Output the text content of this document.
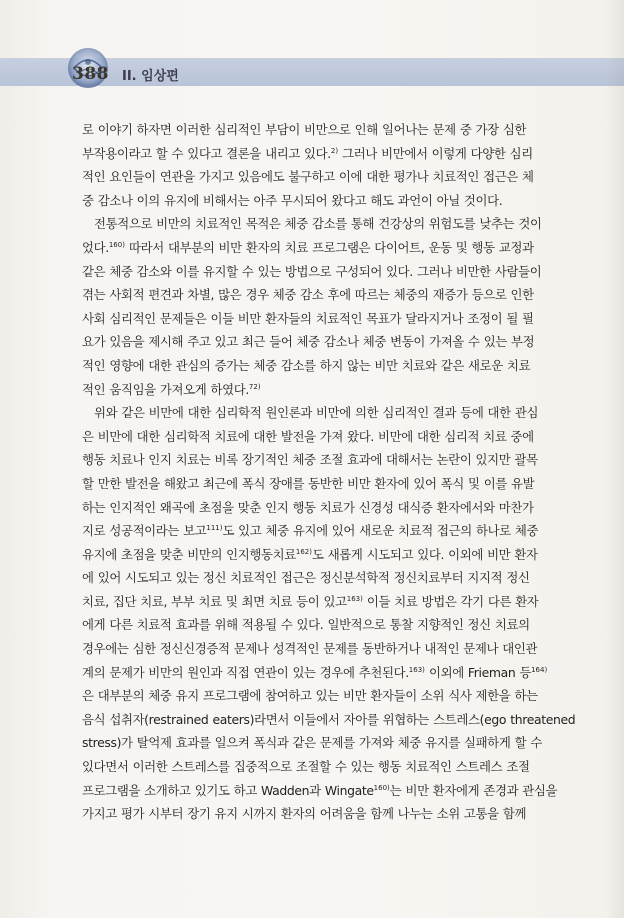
388 II. 임상편

로 이야기 하자면 이러한 심리적인 부담이 비만으로 인해 일어나는 문제 중 가장 심한
부작용이라고 할 수 있다고 결론을 내리고 있다.$^{2)}$ 그러나 비만에서 이렇게 다양한 심리
적인 요인들이 연관을 가지고 있음에도 불구하고 이에 대한 평가나 치료적인 접근은 체
중 감소나 이의 유지에 비해서는 아주 무시되어 왔다고 해도 과언이 아닐 것이다.

전통적으로 비만의 치료적인 목적은 체중 감소를 통해 건강상의 위험도를 낮추는 것이
었다.$^{160)}$ 따라서 대부분의 비만 환자의 치료 프로그램은 다이어트, 운동 및 행동 교정과
같은 체중 감소와 이를 유지할 수 있는 방법으로 구성되어 있다. 그러나 비만한 사람들이
겪는 사회적 편견과 차별, 많은 경우 체중 감소 후에 따르는 체중의 재증가 등으로 인한
사회 심리적인 문제들은 이들 비만 환자들의 치료적인 목표가 달라지거나 조정이 될 필
요가 있음을 제시해 주고 있고 최근 들어 체중 감소나 체중 변동이 가져올 수 있는 부정
적인 영향에 대한 관심의 증가는 체중 감소를 하지 않는 비만 치료와 같은 새로운 치료
적인 움직임을 가져오게 하였다.$^{72)}$

위와 같은 비만에 대한 심리학적 원인론과 비만에 의한 심리적인 결과 등에 대한 관심
은 비만에 대한 심리학적 치료에 대한 발전을 가져 왔다. 비만에 대한 심리적 치료 중에
행동 치료나 인지 치료는 비록 장기적인 체중 조절 효과에 대해서는 논란이 있지만 괄목
할 만한 발전을 해왔고 최근에 폭식 장애를 동반한 비만 환자에 있어 폭식 및 이를 유발
하는 인지적인 왜곡에 초점을 맞춘 인지 행동 치료가 신경성 대식증 환자에서와 마찬가
지로 성공적이라는 보고$^{111)}$도 있고 체중 유지에 있어 새로운 치료적 접근의 하나로 체중
유지에 초점을 맞춘 비만의 인지행동치료$^{162)}$도 새롭게 시도되고 있다. 이외에 비만 환자
에 있어 시도되고 있는 정신 치료적인 접근은 정신분석학적 정신치료부터 지지적 정신
치료, 집단 치료, 부부 치료 및 최면 치료 등이 있고$^{163)}$ 이들 치료 방법은 각기 다른 환자
에게 다른 치료적 효과를 위해 적용될 수 있다. 일반적으로 통찰 지향적인 정신 치료의
경우에는 심한 정신신경증적 문제나 성격적인 문제를 동반하거나 내적인 문제나 대인관
계의 문제가 비만의 원인과 직접 연관이 있는 경우에 추천된다.$^{163)}$ 이외에 Frieman 등$^{164)}$
은 대부분의 체중 유지 프로그램에 참여하고 있는 비만 환자들이 소위 식사 제한을 하는
음식 섭취자(restrained eaters)라면서 이들에서 자아를 위협하는 스트레스(ego threatened
stress)가 탈억제 효과를 일으켜 폭식과 같은 문제를 가져와 체중 유지를 실패하게 할 수
있다면서 이러한 스트레스를 집중적으로 조절할 수 있는 행동 치료적인 스트레스 조절
프로그램을 소개하고 있기도 하고 Wadden과 Wingate$^{160)}$는 비만 환자에게 존경과 관심을
가지고 평가 시부터 장기 유지 시까지 환자의 어려움을 함께 나누는 소위 고통을 함께
